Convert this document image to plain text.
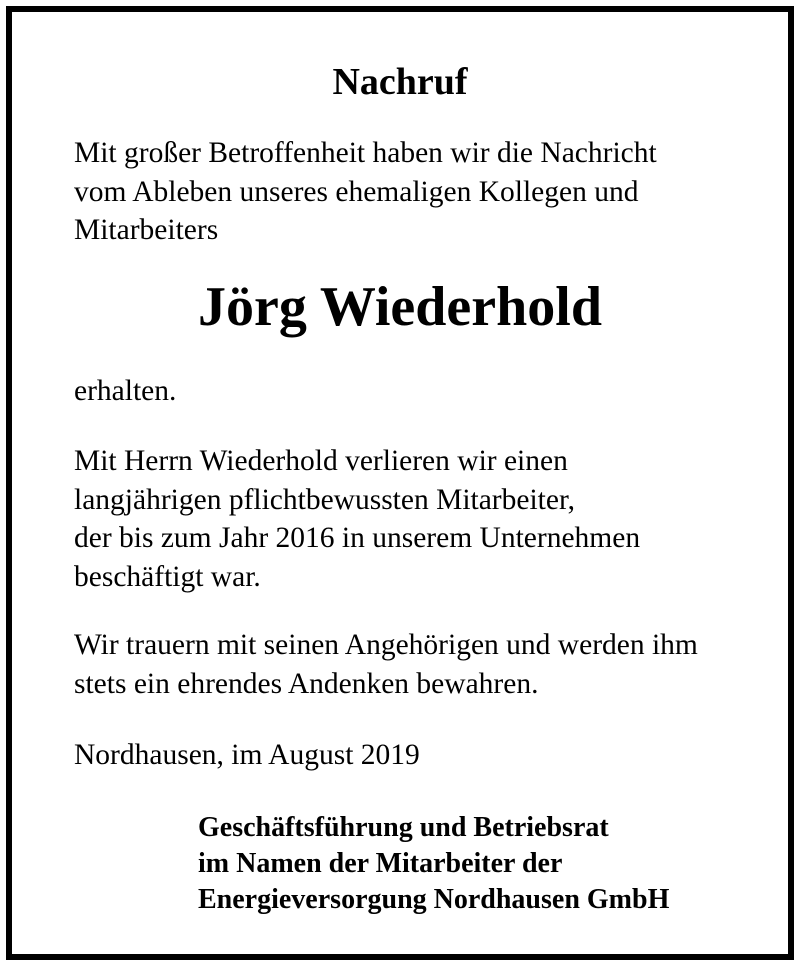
Nachruf
Mit großer Betroffenheit haben wir die Nachricht
vom Ableben unseres ehemaligen Kollegen und
Mitarbeiters
Jörg Wiederhold
erhalten.
Mit Herrn Wiederhold verlieren wir einen
langjährigen pflichtbewussten Mitarbeiter,
der bis zum Jahr 2016 in unserem Unternehmen
beschäftigt war.
Wir trauern mit seinen Angehörigen und werden ihm
stets ein ehrendes Andenken bewahren.
Nordhausen, im August 2019
Geschäftsführung und Betriebsrat
im Namen der Mitarbeiter der
Energieversorgung Nordhausen GmbH
